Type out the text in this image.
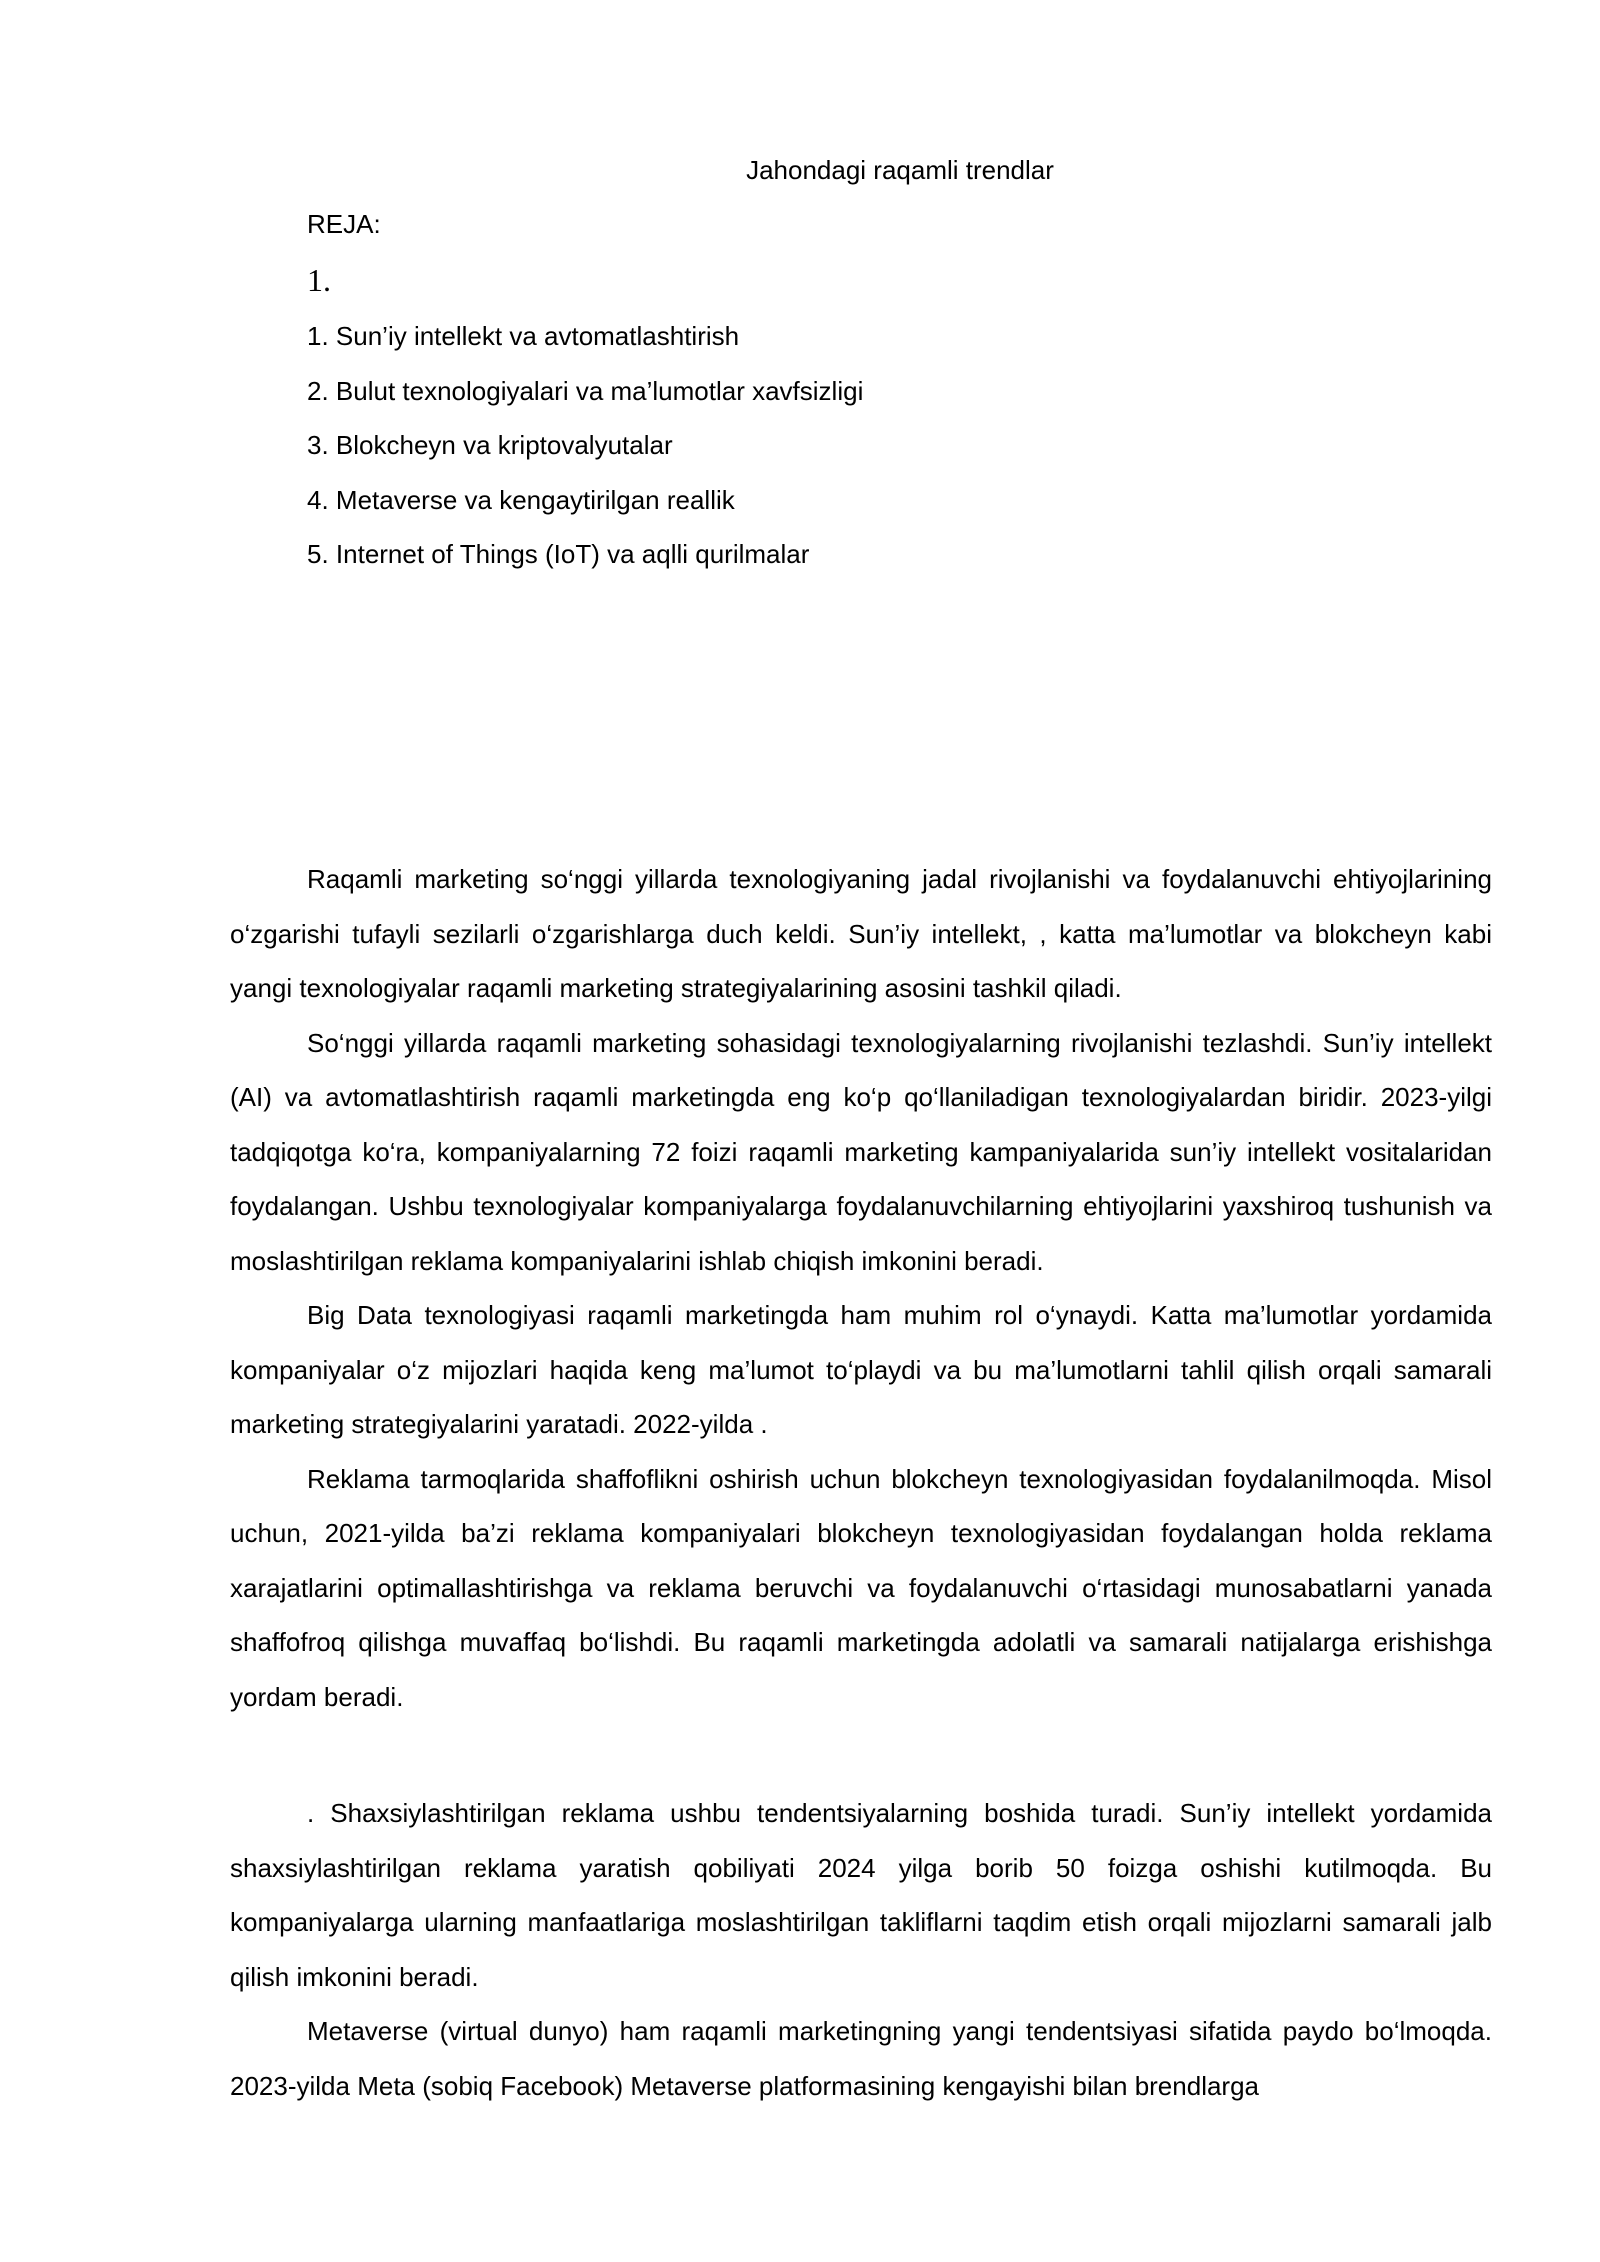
Jahondagi raqamli trendlar
REJA:
1.
1. Sun’iy intellekt va avtomatlashtirish
2. Bulut texnologiyalari va ma’lumotlar xavfsizligi
3. Blokcheyn va kriptovalyutalar
4. Metaverse va kengaytirilgan reallik
5. Internet of Things (IoT) va aqlli qurilmalar

Raqamli marketing so‘nggi yillarda texnologiyaning jadal rivojlanishi va foydalanuvchi ehtiyojlarining o‘zgarishi tufayli sezilarli o‘zgarishlarga duch keldi. Sun’iy intellekt, , katta ma’lumotlar va blokcheyn kabi yangi texnologiyalar raqamli marketing strategiyalarining asosini tashkil qiladi.

So‘nggi yillarda raqamli marketing sohasidagi texnologiyalarning rivojlanishi tezlashdi. Sun’iy intellekt (AI) va avtomatlashtirish raqamli marketingda eng ko‘p qo‘llaniladigan texnologiyalardan biridir. 2023-yilgi tadqiqotga ko‘ra, kompaniyalarning 72 foizi raqamli marketing kampaniyalarida sun’iy intellekt vositalaridan foydalangan. Ushbu texnologiyalar kompaniyalarga foydalanuvchilarning ehtiyojlarini yaxshiroq tushunish va moslashtirilgan reklama kompaniyalarini ishlab chiqish imkonini beradi.

Big Data texnologiyasi raqamli marketingda ham muhim rol o‘ynaydi. Katta ma’lumotlar yordamida kompaniyalar o‘z mijozlari haqida keng ma’lumot to‘playdi va bu ma’lumotlarni tahlil qilish orqali samarali marketing strategiyalarini yaratadi. 2022-yilda .

Reklama tarmoqlarida shaffoflikni oshirish uchun blokcheyn texnologiyasidan foydalanilmoqda. Misol uchun, 2021-yilda ba’zi reklama kompaniyalari blokcheyn texnologiyasidan foydalangan holda reklama xarajatlarini optimallashtirishga va reklama beruvchi va foydalanuvchi o‘rtasidagi munosabatlarni yanada shaffofroq qilishga muvaffaq bo‘lishdi. Bu raqamli marketingda adolatli va samarali natijalarga erishishga yordam beradi.

. Shaxsiylashtirilgan reklama ushbu tendentsiyalarning boshida turadi. Sun’iy intellekt yordamida shaxsiylashtirilgan reklama yaratish qobiliyati 2024 yilga borib 50 foizga oshishi kutilmoqda. Bu kompaniyalarga ularning manfaatlariga moslashtirilgan takliflarni taqdim etish orqali mijozlarni samarali jalb qilish imkonini beradi.

Metaverse (virtual dunyo) ham raqamli marketingning yangi tendentsiyasi sifatida paydo bo‘lmoqda. 2023-yilda Meta (sobiq Facebook) Metaverse platformasining kengayishi bilan brendlarga
